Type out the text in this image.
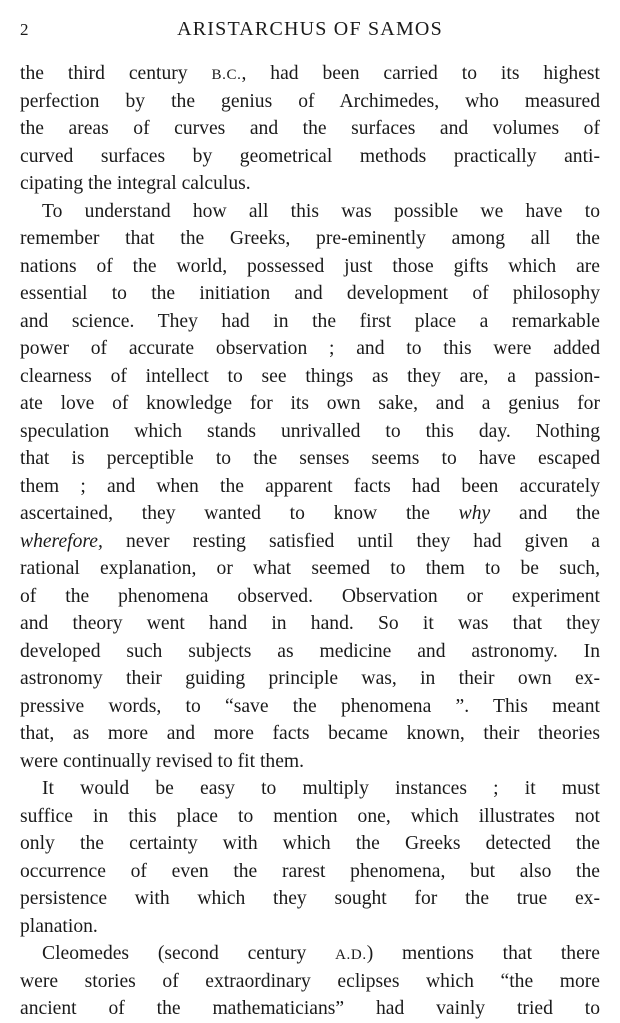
2	ARISTARCHUS OF SAMOS
the third century B.C., had been carried to its highest
perfection by the genius of Archimedes, who measured
the areas of curves and the surfaces and volumes of
curved surfaces by geometrical methods practically anti-
cipating the integral calculus.
To understand how all this was possible we have to
remember that the Greeks, pre-eminently among all the
nations of the world, possessed just those gifts which are
essential to the initiation and development of philosophy
and science. They had in the first place a remarkable
power of accurate observation ; and to this were added
clearness of intellect to see things as they are, a passion-
ate love of knowledge for its own sake, and a genius for
speculation which stands unrivalled to this day. Nothing
that is perceptible to the senses seems to have escaped
them ; and when the apparent facts had been accurately
ascertained, they wanted to know the why and the
wherefore, never resting satisfied until they had given a
rational explanation, or what seemed to them to be such,
of the phenomena observed. Observation or experiment
and theory went hand in hand. So it was that they
developed such subjects as medicine and astronomy. In
astronomy their guiding principle was, in their own ex-
pressive words, to “save the phenomena ”. This meant
that, as more and more facts became known, their theories
were continually revised to fit them.
It would be easy to multiply instances ; it must
suffice in this place to mention one, which illustrates not
only the certainty with which the Greeks detected the
occurrence of even the rarest phenomena, but also the
persistence with which they sought for the true ex-
planation.
Cleomedes (second century A.D.) mentions that there
were stories of extraordinary eclipses which “the more
ancient of the mathematicians” had vainly tried to
